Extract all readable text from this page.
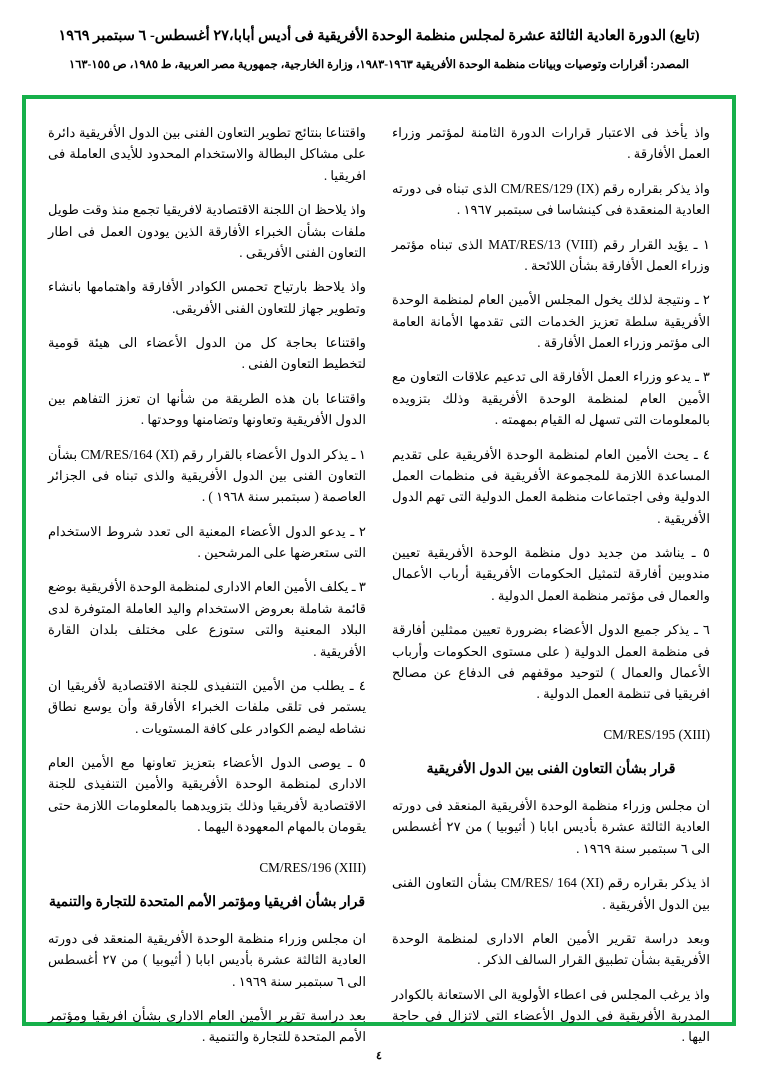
(تابع) الدورة العادية الثالثة عشرة لمجلس منظمة الوحدة الأفريقية فى أديس أبابا،٢٧ أغسطس- ٦ سبتمبر ١٩٦٩
المصدر: أقرارات وتوصيات وبيانات منظمة الوحدة الأفريقية ١٩٦٣-١٩٨٣، وزارة الخارجية، جمهورية مصر العربية، ط ١٩٨٥، ص ١٥٥-١٦٣

واذ يأخذ فى الاعتبار قرارات الدورة الثامنة لمؤتمر وزراء العمل الأفارقة .

واذ يذكر بقراره رقم (IX) CM/RES/129 الذى تبناه فى دورته العادية المنعقدة فى كينشاسا فى سبتمبر ١٩٦٧ .

١ ـ يؤيد القرار رقم (VIII) MAT/RES/13 الذى تبناه مؤتمر وزراء العمل الأفارقة بشأن اللائحة .

٢ ـ ونتيجة لذلك يخول المجلس الأمين العام لمنظمة الوحدة الأفريقية سلطة تعزيز الخدمات التى تقدمها الأمانة العامة الى مؤتمر وزراء العمل الأفارقة .

٣ ـ يدعو وزراء العمل الأفارقة الى تدعيم علاقات التعاون مع الأمين العام لمنظمة الوحدة الأفريقية وذلك بتزويده بالمعلومات التى تسهل له القيام بمهمته .

٤ ـ يحث الأمين العام لمنظمة الوحدة الأفريقية على تقديم المساعدة اللازمة للمجموعة الأفريقية فى منظمات العمل الدولية وفى اجتماعات منظمة العمل الدولية التى تهم الدول الأفريقية .

٥ ـ يناشد من جديد دول منظمة الوحدة الأفريقية تعيين مندوبين أفارقة لتمثيل الحكومات الأفريقية أرباب الأعمال والعمال فى مؤتمر منظمة العمل الدولية .

٦ ـ يذكر جميع الدول الأعضاء بضرورة تعيين ممثلين أفارقة فى منظمة العمل الدولية ( على مستوى الحكومات وأرباب الأعمال والعمال ) لتوحيد موقفهم فى الدفاع عن مصالح افريقيا فى تنظمة العمل الدولية .

CM/RES/195 (XIII)

قرار بشأن التعاون الفنى بين الدول الأفريقية

ان مجلس وزراء منظمة الوحدة الأفريقية المنعقد فى دورته العادية الثالثة عشرة بأديس ابابا ( أثيوبيا ) من ٢٧ أغسطس الى ٦ سبتمبر سنة ١٩٦٩ .

اذ يذكر بقراره رقم (XI) CM/RES/ 164 بشأن التعاون الفنى بين الدول الأفريقية .

وبعد دراسة تقرير الأمين العام الادارى لمنظمة الوحدة الأفريقية بشأن تطبيق القرار السالف الذكر .

واذ يرغب المجلس فى اعطاء الأولوية الى الاستعانة بالكوادر المدربة الأفريقية فى الدول الأعضاء التى لاتزال فى حاجة اليها .

واقتناعا بنتائج تطوير التعاون الفنى بين الدول الأفريقية دائرة على مشاكل البطالة والاستخدام المحدود للأيدى العاملة فى افريقيا .

واذ يلاحظ ان اللجنة الاقتصادية لافريقيا تجمع منذ وقت طويل ملفات بشأن الخبراء الأفارقة الذين يودون العمل فى اطار التعاون الفنى الأفريقى .

واذ يلاحظ بارتياح تحمس الكوادر الأفارقة واهتمامها بانشاء وتطوير جهاز للتعاون الفنى الأفريقى.

واقتناعا بحاجة كل من الدول الأعضاء الى هيئة قومية لتخطيط التعاون الفنى .

واقتناعا بان هذه الطريقة من شأنها ان تعزز التفاهم بين الدول الأفريقية وتعاونها وتضامنها ووحدتها .

١ ـ يذكر الدول الأعضاء بالقرار رقم CM/RES/164 (XI) بشأن التعاون الفنى بين الدول الأفريقية والذى تبناه فى الجزائر العاصمة ( سبتمبر سنة ١٩٦٨ ) .

٢ ـ يدعو الدول الأعضاء المعنية الى تعدد شروط الاستخدام التى ستعرضها على المرشحين .

٣ ـ يكلف الأمين العام الادارى لمنظمة الوحدة الأفريقية بوضع قائمة شاملة بعروض الاستخدام واليد العاملة المتوفرة لدى البلاد المعنية والتى ستوزع على مختلف بلدان القارة الأفريقية .

٤ ـ يطلب من الأمين التنفيذى للجنة الاقتصادية لأفريقيا ان يستمر فى تلقى ملفات الخبراء الأفارقة وأن يوسع نطاق نشاطه ليضم الكوادر على كافة المستويات .

٥ ـ يوصى الدول الأعضاء بتعزيز تعاونها مع الأمين العام الادارى لمنظمة الوحدة الأفريقية والأمين التنفيذى للجنة الاقتصادية لأفريقيا وذلك بتزويدهما بالمعلومات اللازمة حتى يقومان بالمهام المعهودة اليهما .

CM/RES/196 (XIII)

قرار بشأن افريقيا ومؤتمر الأمم المتحدة للتجارة والتنمية

ان مجلس وزراء منظمة الوحدة الأفريقية المنعقد فى دورته العادية الثالثة عشرة بأديس ابابا ( أثيوبيا ) من ٢٧ أغسطس الى ٦ سبتمبر سنة ١٩٦٩ .

بعد دراسة تقرير الأمين العام الادارى بشأن افريقيا ومؤتمر الأمم المتحدة للتجارة والتنمية .

٤
